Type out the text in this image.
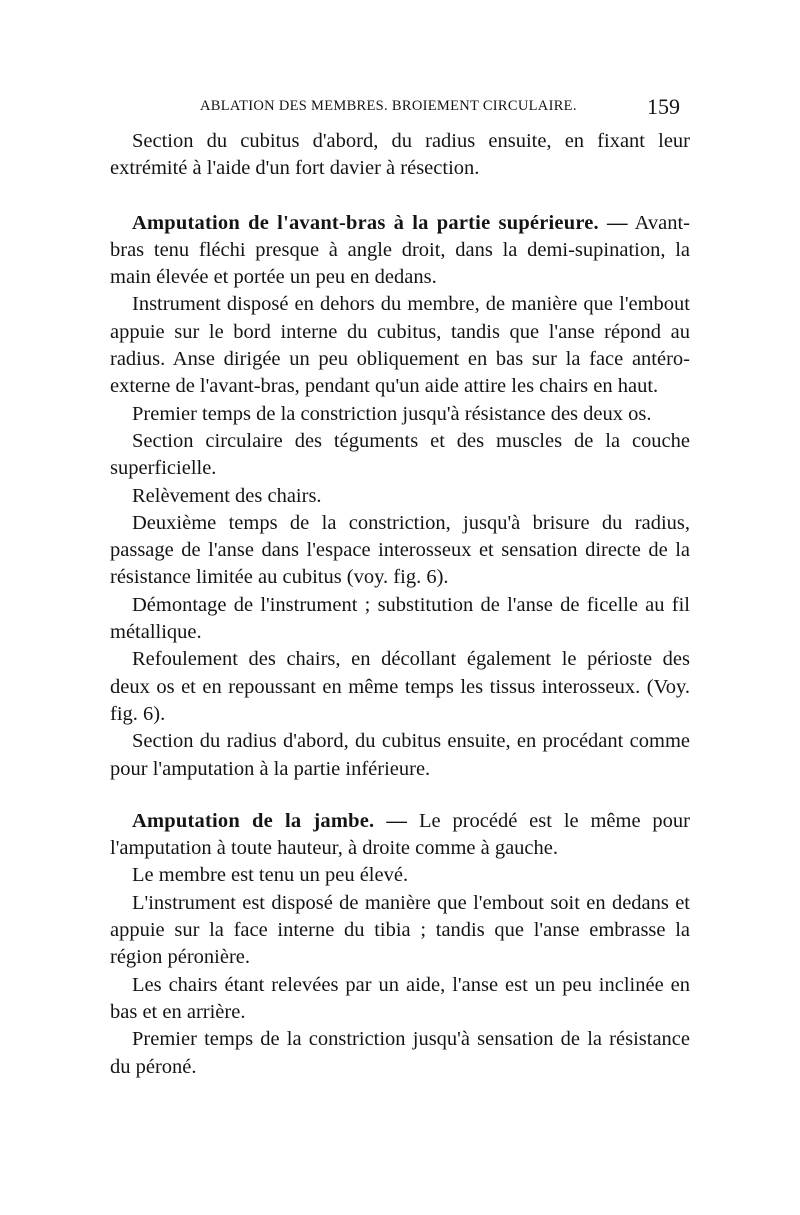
ABLATION DES MEMBRES. BROIEMENT CIRCULAIRE.	159

Section du cubitus d'abord, du radius ensuite, en fixant leur extrémité à l'aide d'un fort davier à résection.

Amputation de l'avant-bras à la partie supérieure. — Avant-bras tenu fléchi presque à angle droit, dans la demi-supination, la main élevée et portée un peu en dedans.

Instrument disposé en dehors du membre, de manière que l'embout appuie sur le bord interne du cubitus, tandis que l'anse répond au radius. Anse dirigée un peu obliquement en bas sur la face antéro-externe de l'avant-bras, pendant qu'un aide attire les chairs en haut.

Premier temps de la constriction jusqu'à résistance des deux os.

Section circulaire des téguments et des muscles de la couche superficielle.

Relèvement des chairs.

Deuxième temps de la constriction, jusqu'à brisure du radius, passage de l'anse dans l'espace interosseux et sensation directe de la résistance limitée au cubitus (voy. fig. 6).

Démontage de l'instrument ; substitution de l'anse de ficelle au fil métallique.

Refoulement des chairs, en décollant également le périoste des deux os et en repoussant en même temps les tissus interosseux. (Voy. fig. 6).

Section du radius d'abord, du cubitus ensuite, en procédant comme pour l'amputation à la partie inférieure.

Amputation de la jambe. — Le procédé est le même pour l'amputation à toute hauteur, à droite comme à gauche.

Le membre est tenu un peu élevé.

L'instrument est disposé de manière que l'embout soit en dedans et appuie sur la face interne du tibia ; tandis que l'anse embrasse la région péronière.

Les chairs étant relevées par un aide, l'anse est un peu inclinée en bas et en arrière.

Premier temps de la constriction jusqu'à sensation de la résistance du péroné.
